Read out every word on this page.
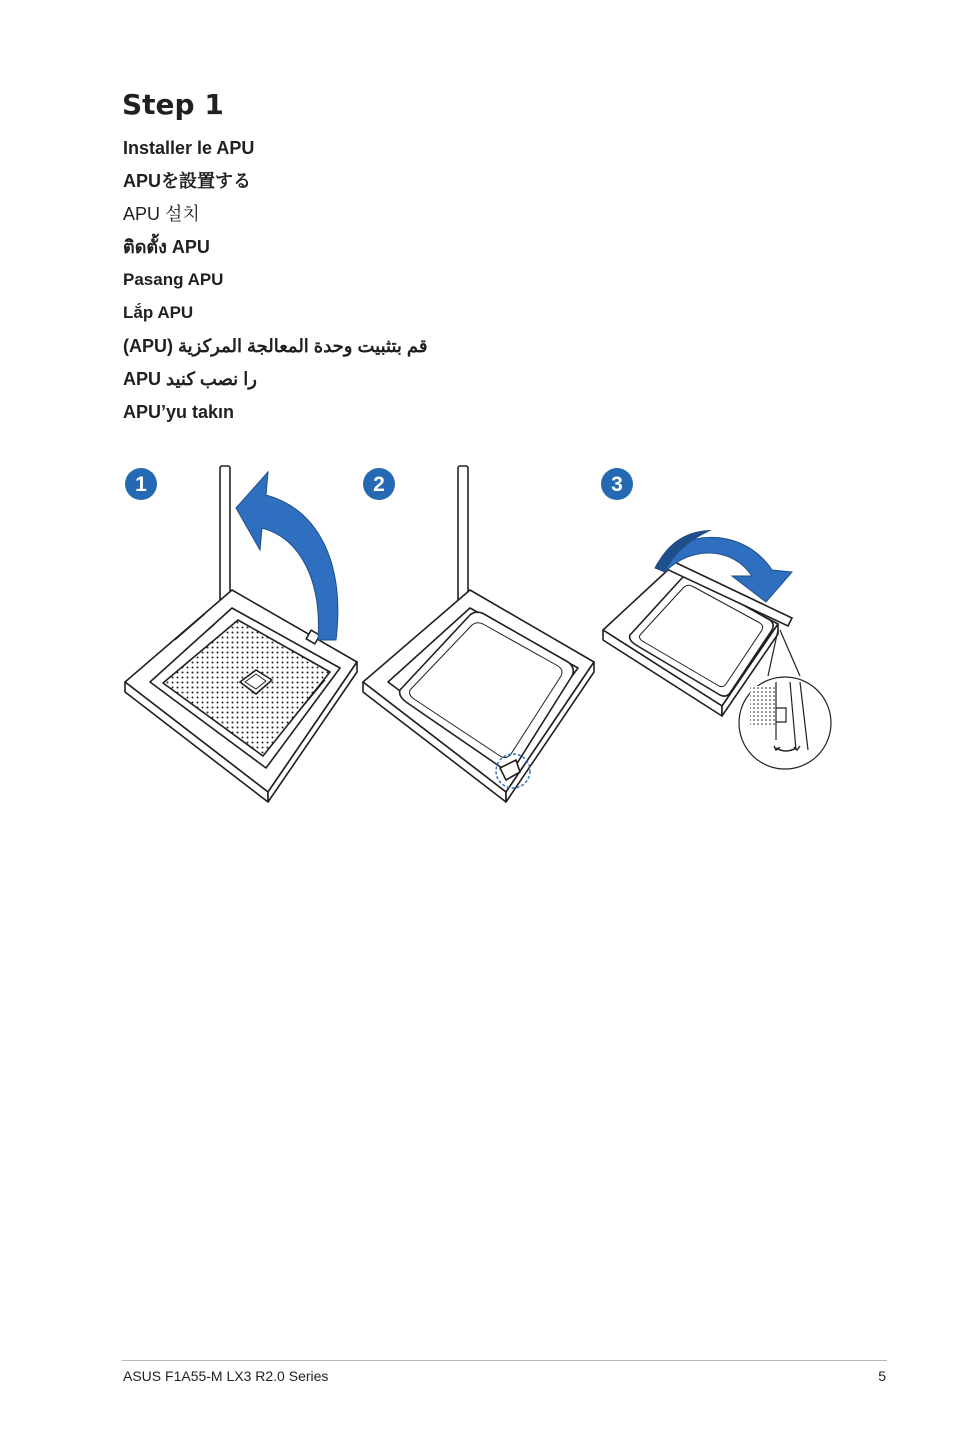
Step 1
Installer le APU
APUを設置する
APU 설치
ติดตั้ง APU
Pasang APU
Lắp APU
(APU) قم بتثبيت وحدة المعالجة المركزية
APU را نصب کنید
APU’yu takın
1	2	3
ASUS F1A55-M LX3 R2.0 Series	5
